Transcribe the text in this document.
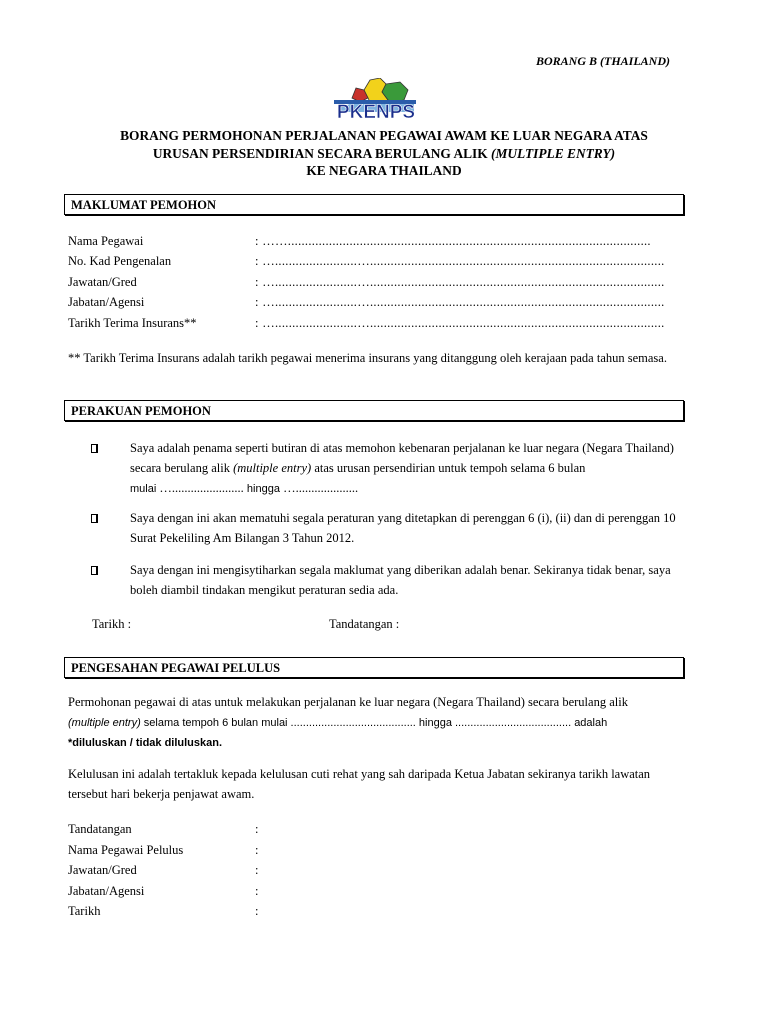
BORANG B (THAILAND)
PKENPS
BORANG PERMOHONAN PERJALANAN PEGAWAI AWAM KE LUAR NEGARA ATAS
URUSAN PERSENDIRIAN SECARA BERULANG ALIK (MULTIPLE ENTRY)
KE NEGARA THAILAND
MAKLUMAT PEMOHON
Nama Pegawai	: ……..........................................................................................................
No. Kad Pengenalan	: …........................…......................................................................................
Jawatan/Gred	: …........................…......................................................................................
Jabatan/Agensi	: …........................…......................................................................................
Tarikh Terima Insurans**	: …........................…......................................................................................
** Tarikh Terima Insurans adalah tarikh pegawai menerima insurans yang ditanggung oleh kerajaan pada tahun semasa.
PERAKUAN PEMOHON
Saya adalah penama seperti butiran di atas memohon kebenaran perjalanan ke luar negara (Negara Thailand) secara berulang alik (multiple entry) atas urusan persendirian untuk tempoh selama 6 bulan
mulai …....................... hingga …....................
Saya dengan ini akan mematuhi segala peraturan yang ditetapkan di perenggan 6 (i), (ii) dan di perenggan 10 Surat Pekeliling Am Bilangan 3 Tahun 2012.
Saya dengan ini mengisytiharkan segala maklumat yang diberikan adalah benar. Sekiranya tidak benar, saya boleh diambil tindakan mengikut peraturan sedia ada.
Tarikh :	Tandatangan :
PENGESAHAN PEGAWAI PELULUS
Permohonan pegawai di atas untuk melakukan perjalanan ke luar negara (Negara Thailand) secara berulang alik
(multiple entry) selama tempoh 6 bulan mulai ......................................... hingga ...................................... adalah
*diluluskan / tidak diluluskan.
Kelulusan ini adalah tertakluk kepada kelulusan cuti rehat yang sah daripada Ketua Jabatan sekiranya tarikh lawatan tersebut hari bekerja penjawat awam.
Tandatangan	:
Nama Pegawai Pelulus	:
Jawatan/Gred	:
Jabatan/Agensi	:
Tarikh	:
